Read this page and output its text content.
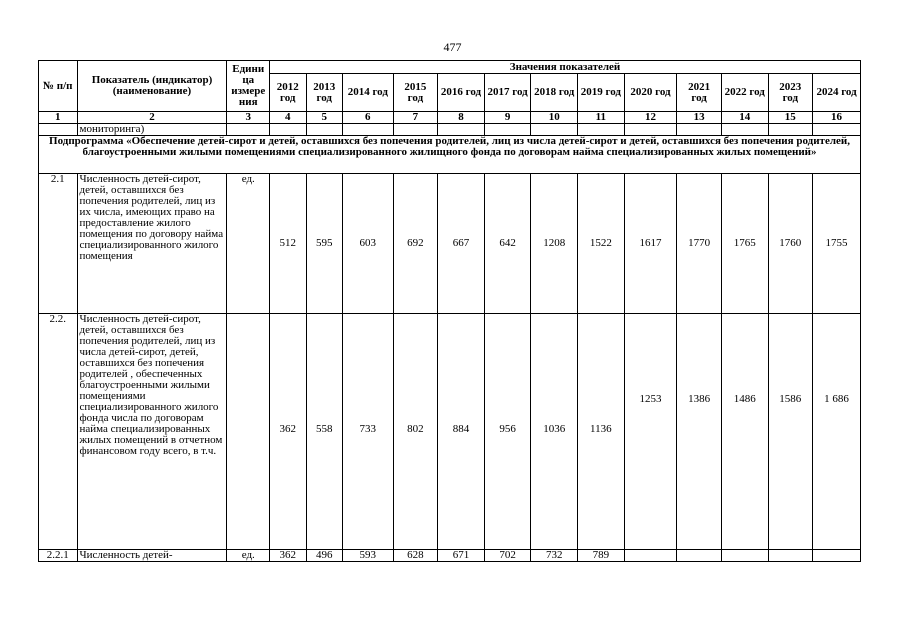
477
№ п/п	Показатель (индикатор) (наименование)	Едини ца измере ния	Значения показателей												
			2012 год	2013 год	2014 год	2015 год	2016 год	2017 год	2018 год	2019 год	2020 год	2021 год	2022 год	2023 год	2024 год
1	2	3	4	5	6	7	8	9	10	11	12	13	14	15	16
	мониторинга)														
Подпрограмма «Обеспечение детей-сирот и детей, оставшихся без попечения родителей, лиц из числа детей-сирот и детей, оставшихся без попечения родителей, благоустроенными жилыми помещениями специализированного жилищного фонда по договорам найма специализированных жилых помещений»															
2.1	Численность детей-сирот, детей, оставшихся без попечения родителей, лиц из их числа, имеющих право на предоставление жилого помещения по договору найма специализированного жилого помещения	ед.	512	595	603	692	667	642	1208	1522	1617	1770	1765	1760	1755
2.2.	Численность детей-сирот, детей, оставшихся без попечения родителей, лиц из числа детей-сирот, детей, оставшихся без попечения родителей , обеспеченных благоустроенными жилыми помещениями специализированного жилого фонда числа по договорам найма специализированных жилых помещений в отчетном финансовом году всего, в т.ч.		362	558	733	802	884	956	1036	1136	1253	1386	1486	1586	1 686
2.2.1	Численность детей-	ед.	362	496	593	628	671	702	732	789					
